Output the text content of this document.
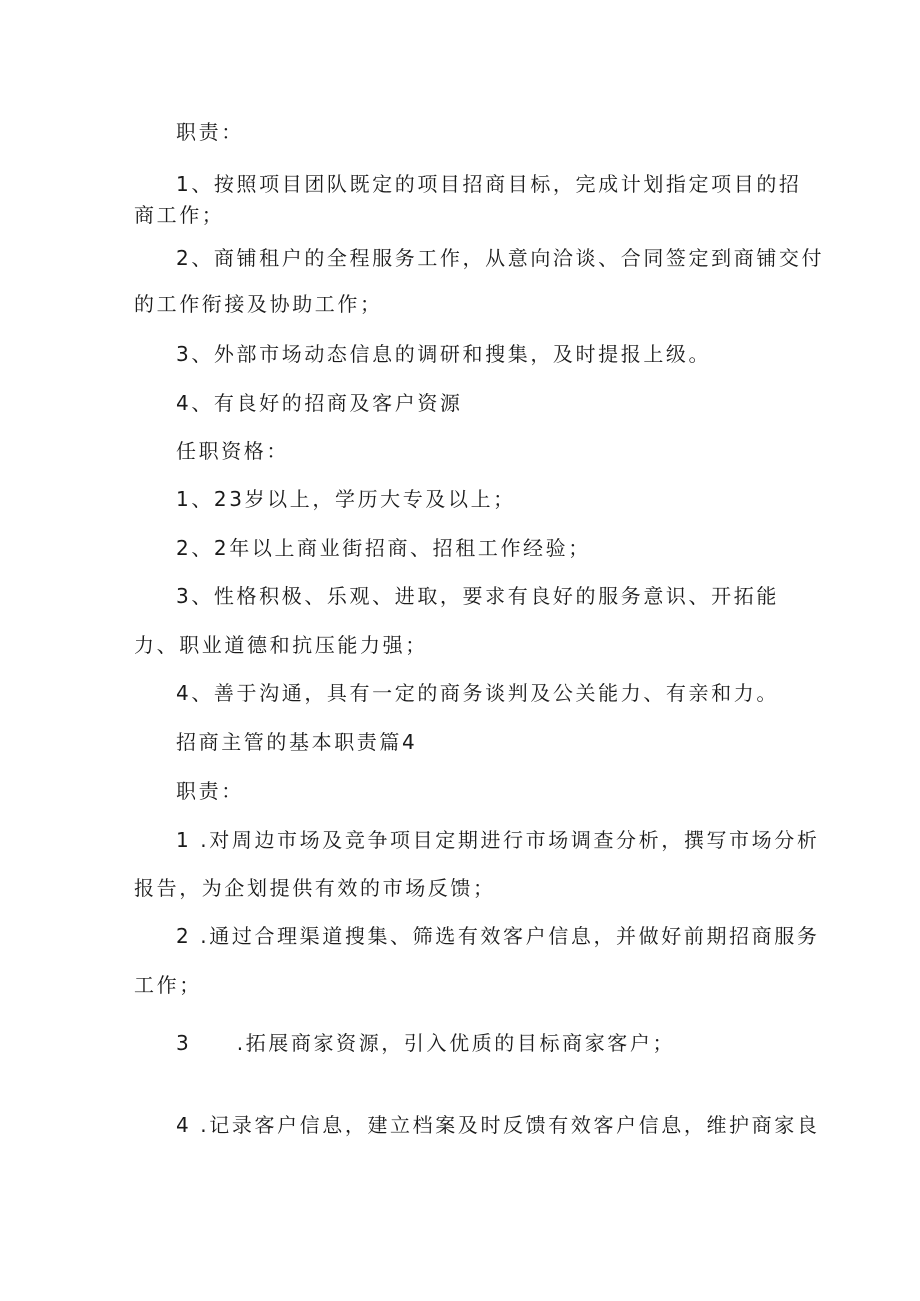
职责：
1、按照项目团队既定的项目招商目标，完成计划指定项目的招
商工作；
2、商铺租户的全程服务工作，从意向洽谈、合同签定到商铺交付
的工作衔接及协助工作；
3、外部市场动态信息的调研和搜集，及时提报上级。
4、有良好的招商及客户资源
任职资格：
1、23岁以上，学历大专及以上；
2、2年以上商业街招商、招租工作经验；
3、性格积极、乐观、进取，要求有良好的服务意识、开拓能
力、职业道德和抗压能力强；
4、善于沟通，具有一定的商务谈判及公关能力、有亲和力。
招商主管的基本职责篇4
职责：
1 .对周边市场及竞争项目定期进行市场调查分析，撰写市场分析
报告，为企划提供有效的市场反馈；
2 .通过合理渠道搜集、筛选有效客户信息，并做好前期招商服务
工作；
3 .拓展商家资源，引入优质的目标商家客户；
4 .记录客户信息，建立档案及时反馈有效客户信息，维护商家良
